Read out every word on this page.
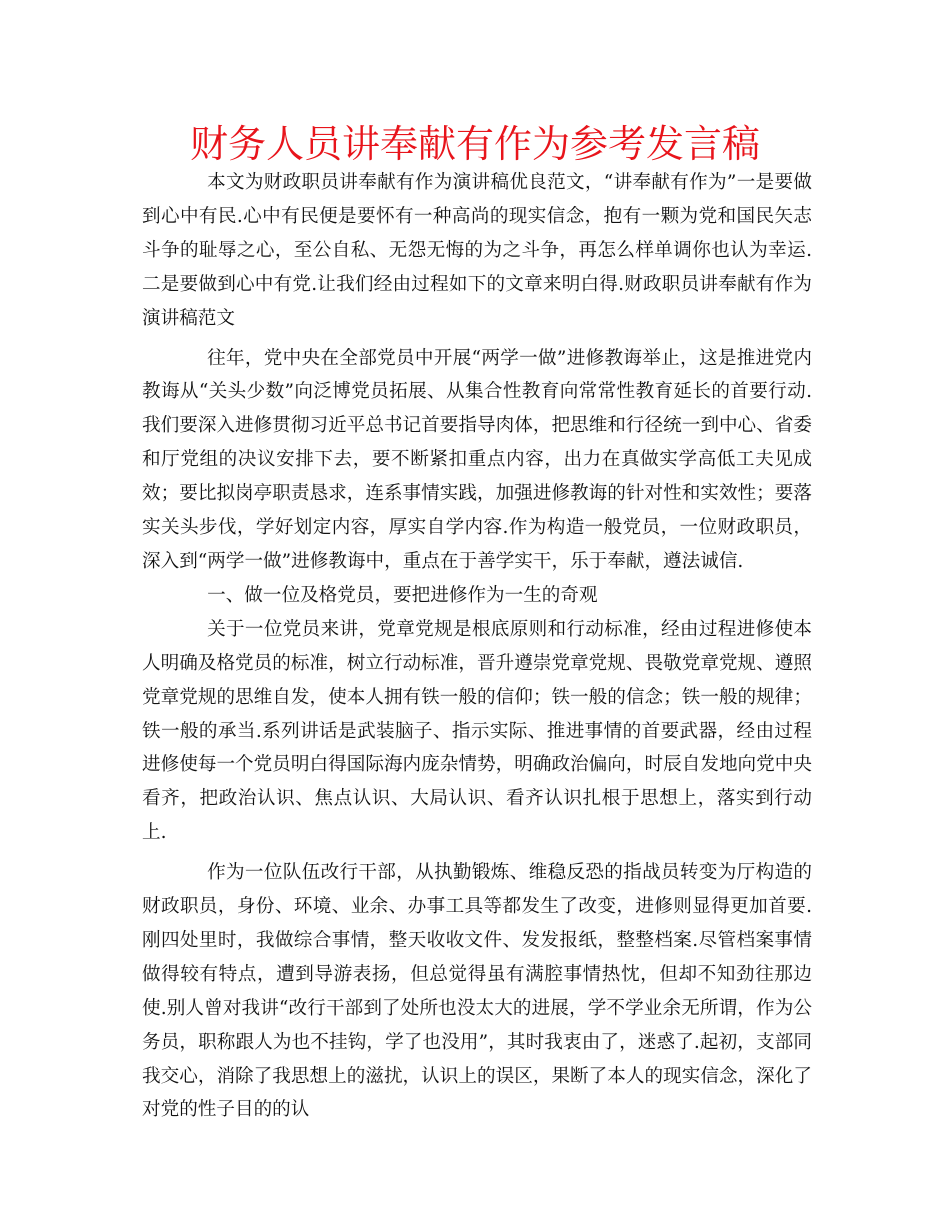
财务人员讲奉献有作为参考发言稿

本文为财政职员讲奉献有作为演讲稿优良范文，“讲奉献有作为”一是要做到心中有民.心中有民便是要怀有一种高尚的现实信念，抱有一颗为党和国民矢志斗争的耻辱之心，至公自私、无怨无悔的为之斗争，再怎么样单调你也认为幸运.二是要做到心中有党.让我们经由过程如下的文章来明白得.财政职员讲奉献有作为演讲稿范文

往年，党中央在全部党员中开展“两学一做”进修教诲举止，这是推进党内教诲从“关头少数”向泛博党员拓展、从集合性教育向常常性教育延长的首要行动.我们要深入进修贯彻习近平总书记首要指导肉体，把思维和行径统一到中心、省委和厅党组的决议安排下去，要不断紧扣重点内容，出力在真做实学高低工夫见成效；要比拟岗亭职责恳求，连系事情实践，加强进修教诲的针对性和实效性；要落实关头步伐，学好划定内容，厚实自学内容.作为构造一般党员，一位财政职员，深入到“两学一做”进修教诲中，重点在于善学实干，乐于奉献，遵法诚信.

一、做一位及格党员，要把进修作为一生的奇观

关于一位党员来讲，党章党规是根底原则和行动标准，经由过程进修使本人明确及格党员的标准，树立行动标准，晋升遵崇党章党规、畏敬党章党规、遵照党章党规的思维自发，使本人拥有铁一般的信仰；铁一般的信念；铁一般的规律；铁一般的承当.系列讲话是武装脑子、指示实际、推进事情的首要武器，经由过程进修使每一个党员明白得国际海内庞杂情势，明确政治偏向，时辰自发地向党中央看齐，把政治认识、焦点认识、大局认识、看齐认识扎根于思想上，落实到行动上.

作为一位队伍改行干部，从执勤锻炼、维稳反恐的指战员转变为厅构造的财政职员，身份、环境、业余、办事工具等都发生了改变，进修则显得更加首要.刚四处里时，我做综合事情，整天收收文件、发发报纸，整整档案.尽管档案事情做得较有特点，遭到导游表扬，但总觉得虽有满腔事情热忱，但却不知劲往那边使.别人曾对我讲“改行干部到了处所也没太大的进展，学不学业余无所谓，作为公务员，职称跟人为也不挂钩，学了也没用”，其时我衷由了，迷惑了.起初，支部同我交心，消除了我思想上的滋扰，认识上的误区，果断了本人的现实信念，深化了对党的性子目的的认
